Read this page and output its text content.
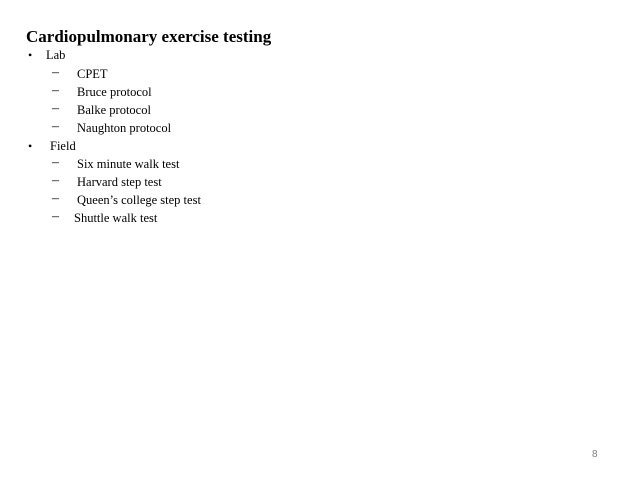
Cardiopulmonary exercise testing
• Lab
– CPET
– Bruce protocol
– Balke protocol
– Naughton protocol
• Field
– Six minute walk test
– Harvard step test
– Queen’s college step test
– Shuttle walk test
8
